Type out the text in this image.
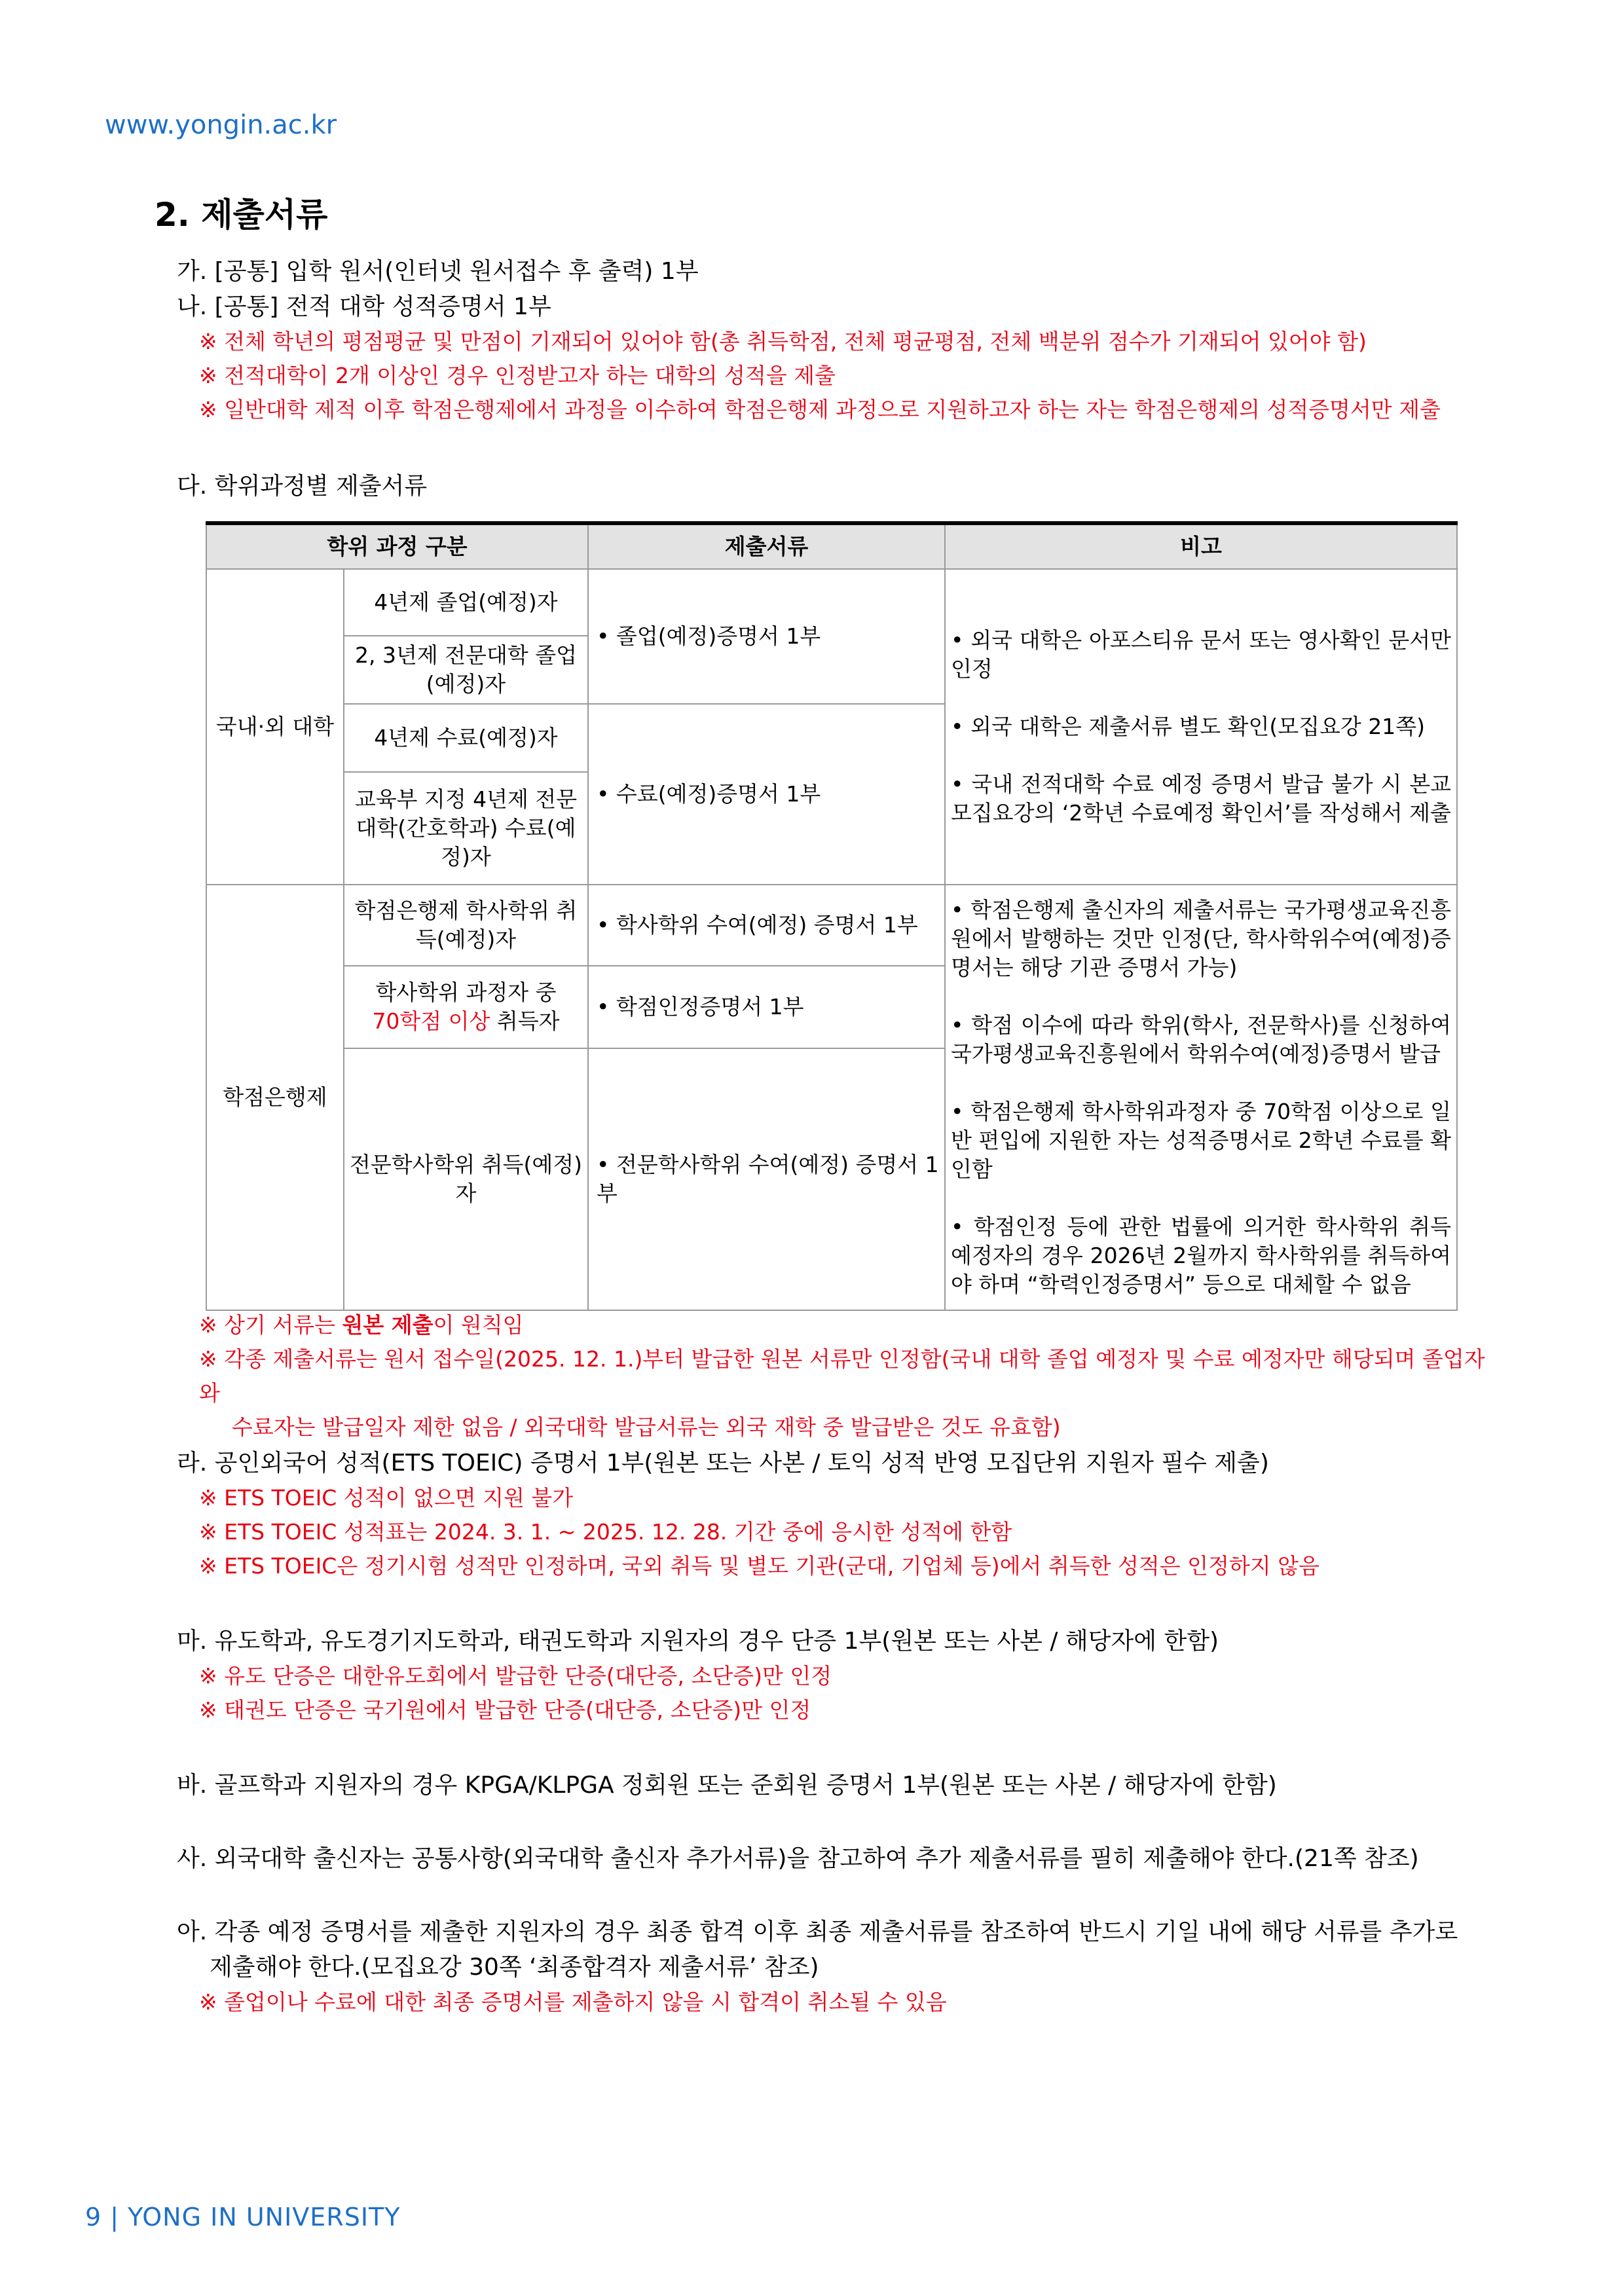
www.yongin.ac.kr
2. 제출서류
가. [공통] 입학 원서(인터넷 원서접수 후 출력) 1부
나. [공통] 전적 대학 성적증명서 1부
※ 전체 학년의 평점평균 및 만점이 기재되어 있어야 함(총 취득학점, 전체 평균평점, 전체 백분위 점수가 기재되어 있어야 함)
※ 전적대학이 2개 이상인 경우 인정받고자 하는 대학의 성적을 제출
※ 일반대학 제적 이후 학점은행제에서 과정을 이수하여 학점은행제 과정으로 지원하고자 하는 자는 학점은행제의 성적증명서만 제출
다. 학위과정별 제출서류
학위 과정 구분		제출서류	비고
국내·외 대학	4년제 졸업(예정)자	• 졸업(예정)증명서 1부	• 외국 대학은 아포스티유 문서 또는 영사확인 문서만 인정

• 외국 대학은 제출서류 별도 확인(모집요강 21쪽)

• 국내 전적대학 수료 예정 증명서 발급 불가 시 본교 모집요강의 ‘2학년 수료예정 확인서’를 작성해서 제출

	2, 3년제 전문대학 졸업(예정)자		
	4년제 수료(예정)자	• 수료(예정)증명서 1부	
	교육부 지정 4년제 전문대학(간호학과) 수료(예정)자		
학점은행제	학점은행제 학사학위 취득(예정)자	• 학사학위 수여(예정) 증명서 1부	• 학점은행제 출신자의 제출서류는 국가평생교육진흥원에서 발행하는 것만 인정(단, 학사학위수여(예정)증명서는 해당 기관 증명서 가능)

• 학점 이수에 따라 학위(학사, 전문학사)를 신청하여 국가평생교육진흥원에서 학위수여(예정)증명서 발급

• 학점은행제 학사학위과정자 중 70학점 이상으로 일반 편입에 지원한 자는 성적증명서로 2학년 수료를 확인함

• 학점인정 등에 관한 법률에 의거한 학사학위 취득 예정자의 경우 2026년 2월까지 학사학위를 취득하여야 하며 “학력인정증명서” 등으로 대체할 수 없음

	학사학위 과정자 중
70학점 이상 취득자	• 학점인정증명서 1부	
	전문학사학위 취득(예정)자	• 전문학사학위 수여(예정) 증명서 1부	
※ 상기 서류는 원본 제출이 원칙임
※ 각종 제출서류는 원서 접수일(2025. 12. 1.)부터 발급한 원본 서류만 인정함(국내 대학 졸업 예정자 및 수료 예정자만 해당되며 졸업자와
수료자는 발급일자 제한 없음 / 외국대학 발급서류는 외국 재학 중 발급받은 것도 유효함)
라. 공인외국어 성적(ETS TOEIC) 증명서 1부(원본 또는 사본 / 토익 성적 반영 모집단위 지원자 필수 제출)
※ ETS TOEIC 성적이 없으면 지원 불가
※ ETS TOEIC 성적표는 2024. 3. 1. ~ 2025. 12. 28. 기간 중에 응시한 성적에 한함
※ ETS TOEIC은 정기시험 성적만 인정하며, 국외 취득 및 별도 기관(군대, 기업체 등)에서 취득한 성적은 인정하지 않음
마. 유도학과, 유도경기지도학과, 태권도학과 지원자의 경우 단증 1부(원본 또는 사본 / 해당자에 한함)
※ 유도 단증은 대한유도회에서 발급한 단증(대단증, 소단증)만 인정
※ 태권도 단증은 국기원에서 발급한 단증(대단증, 소단증)만 인정
바. 골프학과 지원자의 경우 KPGA/KLPGA 정회원 또는 준회원 증명서 1부(원본 또는 사본 / 해당자에 한함)
사. 외국대학 출신자는 공통사항(외국대학 출신자 추가서류)을 참고하여 추가 제출서류를 필히 제출해야 한다.(21쪽 참조)
아. 각종 예정 증명서를 제출한 지원자의 경우 최종 합격 이후 최종 제출서류를 참조하여 반드시 기일 내에 해당 서류를 추가로
제출해야 한다.(모집요강 30쪽 ‘최종합격자 제출서류’ 참조)
※ 졸업이나 수료에 대한 최종 증명서를 제출하지 않을 시 합격이 취소될 수 있음
9 | YONG IN UNIVERSITY
